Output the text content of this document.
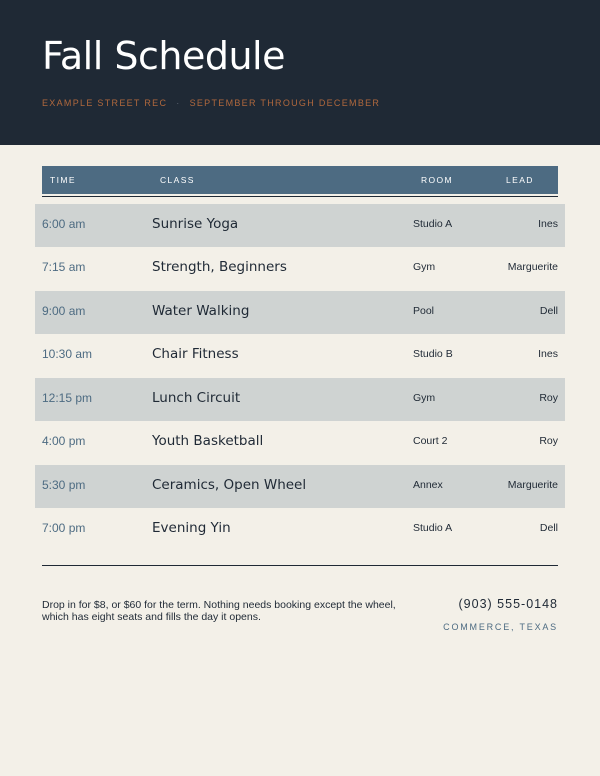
Fall Schedule
EXAMPLE STREET REC · SEPTEMBER THROUGH DECEMBER
TIME	CLASS	ROOM	LEAD
6:00 am	Sunrise Yoga	Studio A	Ines
7:15 am	Strength, Beginners	Gym	Marguerite
9:00 am	Water Walking	Pool	Dell
10:30 am	Chair Fitness	Studio B	Ines
12:15 pm	Lunch Circuit	Gym	Roy
4:00 pm	Youth Basketball	Court 2	Roy
5:30 pm	Ceramics, Open Wheel	Annex	Marguerite
7:00 pm	Evening Yin	Studio A	Dell
Drop in for $8, or $60 for the term. Nothing needs booking except the wheel, which has eight seats and fills the day it opens.
(903) 555-0148
COMMERCE, TEXAS
